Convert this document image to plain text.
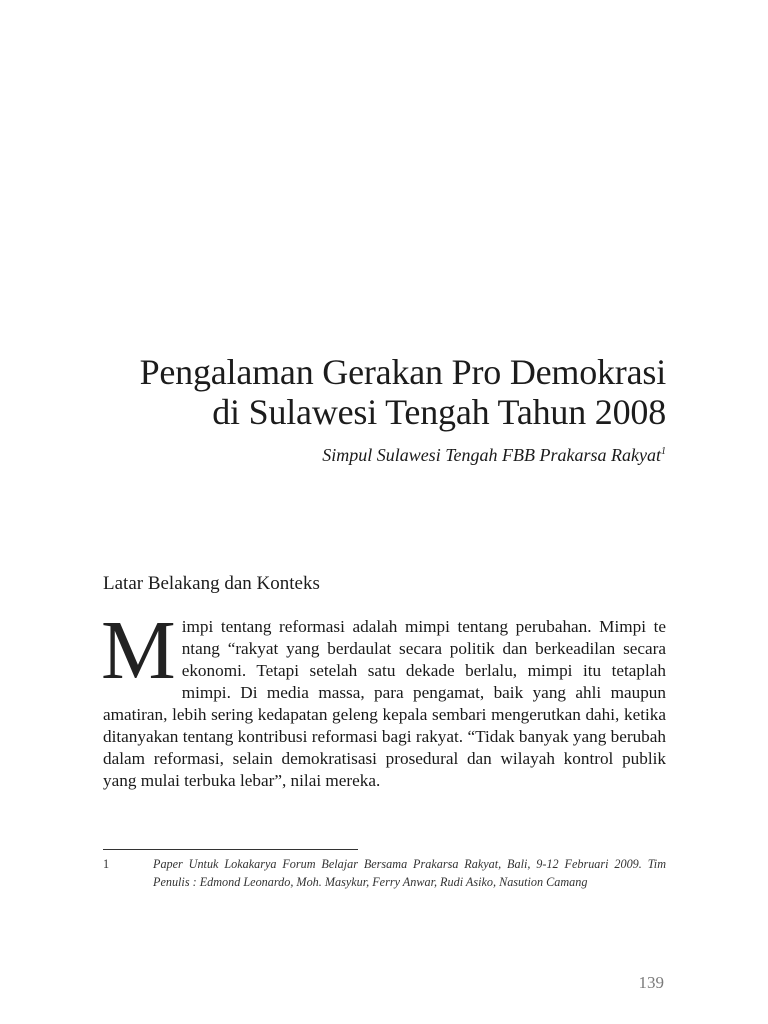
Pengalaman Gerakan Pro Demokrasi
di Sulawesi Tengah Tahun 2008
Simpul Sulawesi Tengah FBB Prakarsa Rakyat$^1$
Latar Belakang dan Konteks
M impi tentang reformasi adalah mimpi tentang perubahan. Mimpi te ntang “rakyat yang berdaulat secara politik dan berkeadilan secara ekonomi. Tetapi setelah satu dekade berlalu, mimpi itu tetaplah mimpi. Di media massa, para pengamat, baik yang ahli maupun amatiran, lebih sering kedapatan geleng kepala sembari mengerutkan dahi, ketika ditanyakan tentang kontribusi reformasi bagi rakyat. “Tidak banyak yang berubah dalam reformasi, selain demokratisasi prosedural dan wilayah kontrol publik yang mulai terbuka lebar”, nilai mereka.
1	Paper Untuk Lokakarya Forum Belajar Bersama Prakarsa Rakyat, Bali, 9-12 Februari 2009. Tim Penulis : Edmond Leonardo, Moh. Masykur, Ferry Anwar, Rudi Asiko, Nasution Camang
139
